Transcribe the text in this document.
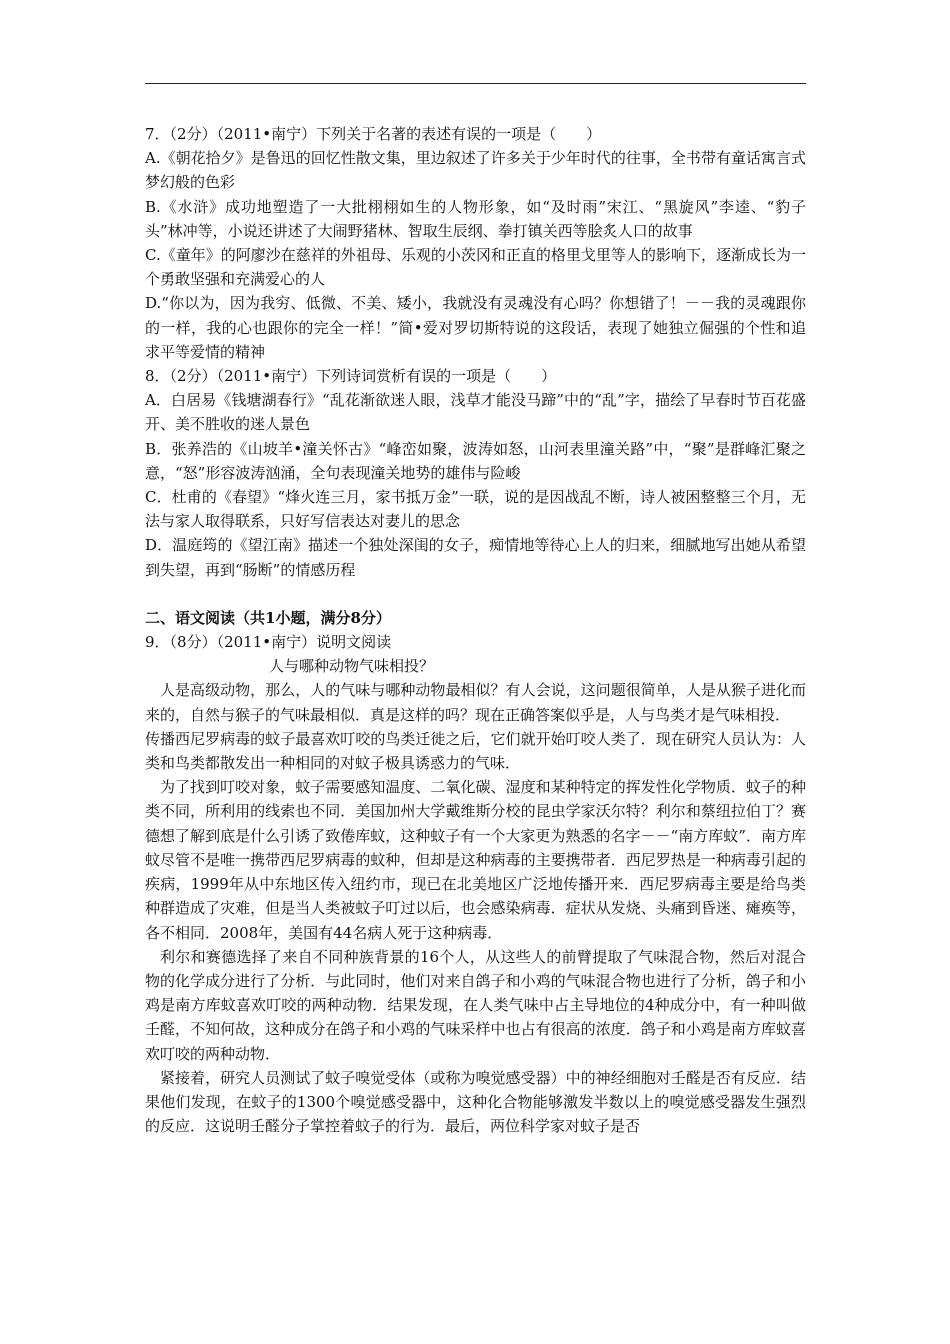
7．（2分）（2011•南宁）下列关于名著的表述有误的一项是（　　）

A.《朝花拾夕》是鲁迅的回忆性散文集，里边叙述了许多关于少年时代的往事，全书带有童话寓言式梦幻般的色彩

B.《水浒》成功地塑造了一大批栩栩如生的人物形象，如“及时雨”宋江、“黑旋风”李逵、“豹子头”林冲等，小说还讲述了大闹野猪林、智取生辰纲、拳打镇关西等脍炙人口的故事

C.《童年》的阿廖沙在慈祥的外祖母、乐观的小茨冈和正直的格里戈里等人的影响下，逐渐成长为一个勇敢坚强和充满爱心的人

D.“你以为，因为我穷、低微、不美、矮小，我就没有灵魂没有心吗？你想错了！－－我的灵魂跟你的一样，我的心也跟你的完全一样！”简•爱对罗切斯特说的这段话，表现了她独立倔强的个性和追求平等爱情的精神

8．（2分）（2011•南宁）下列诗词赏析有误的一项是（　　）

A．白居易《钱塘湖春行》“乱花渐欲迷人眼，浅草才能没马蹄”中的“乱”字，描绘了早春时节百花盛开、美不胜收的迷人景色

B．张养浩的《山坡羊•潼关怀古》“峰峦如聚，波涛如怒，山河表里潼关路”中，“聚”是群峰汇聚之意，“怒”形容波涛汹涌，全句表现潼关地势的雄伟与险峻

C．杜甫的《春望》“烽火连三月，家书抵万金”一联，说的是因战乱不断，诗人被困整整三个月，无法与家人取得联系，只好写信表达对妻儿的思念

D．温庭筠的《望江南》描述一个独处深闺的女子，痴情地等待心上人的归来，细腻地写出她从希望到失望，再到“肠断”的情感历程

二、语文阅读（共1小题，满分8分）

9．（8分）（2011•南宁）说明文阅读

人与哪种动物气味相投？

人是高级动物，那么，人的气味与哪种动物最相似？有人会说，这问题很简单，人是从猴子进化而来的，自然与猴子的气味最相似．真是这样的吗？现在正确答案似乎是，人与鸟类才是气味相投．

传播西尼罗病毒的蚊子最喜欢叮咬的鸟类迁徙之后，它们就开始叮咬人类了．现在研究人员认为：人类和鸟类都散发出一种相同的对蚊子极具诱惑力的气味．

为了找到叮咬对象，蚊子需要感知温度、二氧化碳、湿度和某种特定的挥发性化学物质．蚊子的种类不同，所利用的线索也不同．美国加州大学戴维斯分校的昆虫学家沃尔特？利尔和蔡纽拉伯丁？赛德想了解到底是什么引诱了致倦库蚊，这种蚊子有一个大家更为熟悉的名字－－“南方库蚊”．南方库蚊尽管不是唯一携带西尼罗病毒的蚊种，但却是这种病毒的主要携带者．西尼罗热是一种病毒引起的疾病，1999年从中东地区传入纽约市，现已在北美地区广泛地传播开来．西尼罗病毒主要是给鸟类种群造成了灾难，但是当人类被蚊子叮过以后，也会感染病毒．症状从发烧、头痛到昏迷、瘫痪等，各不相同．2008年，美国有44名病人死于这种病毒．

利尔和赛德选择了来自不同种族背景的16个人，从这些人的前臂提取了气味混合物，然后对混合物的化学成分进行了分析．与此同时，他们对来自鸽子和小鸡的气味混合物也进行了分析，鸽子和小鸡是南方库蚊喜欢叮咬的两种动物．结果发现，在人类气味中占主导地位的4种成分中，有一种叫做壬醛，不知何故，这种成分在鸽子和小鸡的气味采样中也占有很高的浓度．鸽子和小鸡是南方库蚊喜欢叮咬的两种动物．

紧接着，研究人员测试了蚊子嗅觉受体（或称为嗅觉感受器）中的神经细胞对壬醛是否有反应．结果他们发现，在蚊子的1300个嗅觉感受器中，这种化合物能够激发半数以上的嗅觉感受器发生强烈的反应．这说明壬醛分子掌控着蚊子的行为．最后，两位科学家对蚊子是否
